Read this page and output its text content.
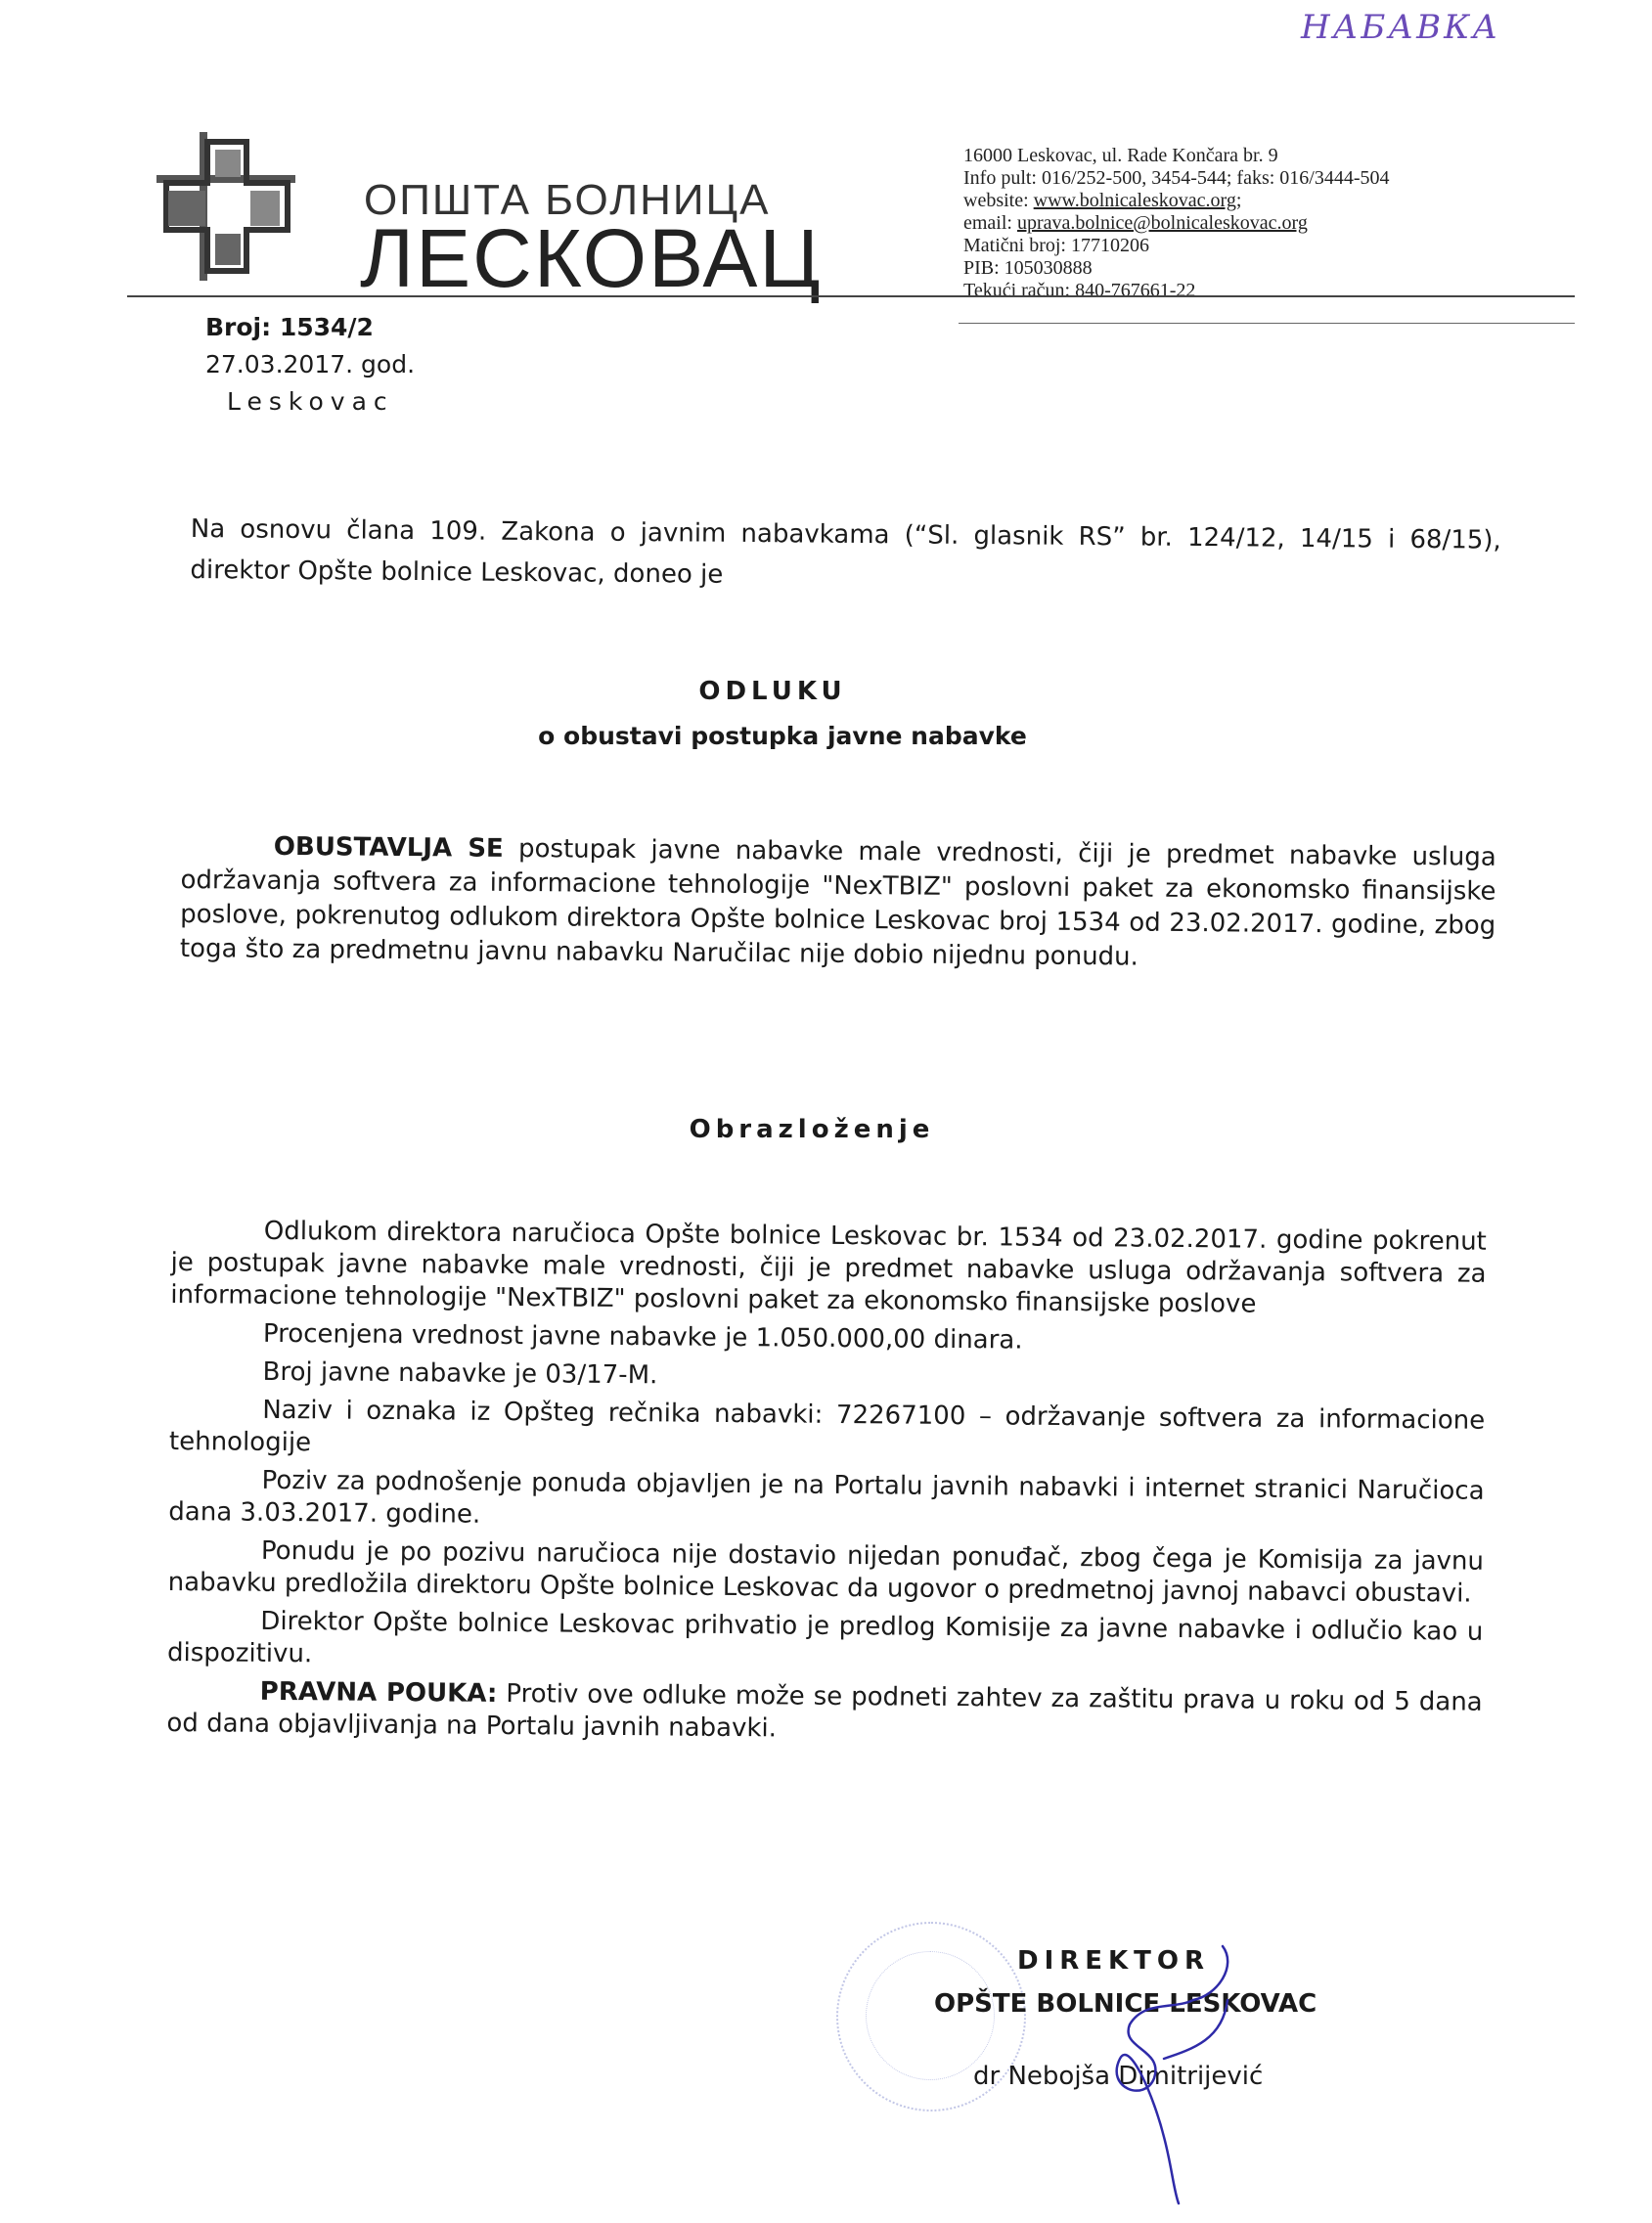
НАБАВКА
ОПШТА БОЛНИЦА
ЛЕСКОВАЦ
16000 Leskovac, ul. Rade Končara br. 9
Info pult: 016/252-500, 3454-544; faks: 016/3444-504
website: www.bolnicaleskovac.org;
email: uprava.bolnice@bolnicaleskovac.org
Matični broj: 17710206
PIB: 105030888
Tekući račun: 840-767661-22
Broj: 1534/2
27.03.2017. god.
Leskovac
Na osnovu člana 109. Zakona o javnim nabavkama (“Sl. glasnik RS” br. 124/12, 14/15 i 68/15), direktor Opšte bolnice Leskovac, doneo je
ODLUKU
o obustavi postupka javne nabavke
OBUSTAVLJA SE postupak javne nabavke male vrednosti, čiji je predmet nabavke usluga održavanja softvera za informacione tehnologije "NexTBIZ" poslovni paket za ekonomsko finansijske poslove, pokrenutog odlukom direktora Opšte bolnice Leskovac broj 1534 od 23.02.2017. godine, zbog toga što za predmetnu javnu nabavku Naručilac nije dobio nijednu ponudu.
Obrazloženje

Odlukom direktora naručioca Opšte bolnice Leskovac br. 1534 od 23.02.2017. godine pokrenut je postupak javne nabavke male vrednosti, čiji je predmet nabavke usluga održavanja softvera za informacione tehnologije "NexTBIZ" poslovni paket za ekonomsko finansijske poslove

Procenjena vrednost javne nabavke je 1.050.000,00 dinara.

Broj javne nabavke je 03/17-M.

Naziv i oznaka iz Opšteg rečnika nabavki: 72267100 – održavanje softvera za informacione tehnologije

Poziv za podnošenje ponuda objavljen je na Portalu javnih nabavki i internet stranici Naručioca dana 3.03.2017. godine.

Ponudu je po pozivu naručioca nije dostavio nijedan ponuđač, zbog čega je Komisija za javnu nabavku predložila direktoru Opšte bolnice Leskovac da ugovor o predmetnoj javnoj nabavci obustavi.

Direktor Opšte bolnice Leskovac prihvatio je predlog Komisije za javne nabavke i odlučio kao u dispozitivu.

PRAVNA POUKA: Protiv ove odluke može se podneti zahtev za zaštitu prava u roku od 5 dana od dana objavljivanja na Portalu javnih nabavki.

DIREKTOR
OPŠTE BOLNICE LESKOVAC
dr Nebojša Dimitrijević
